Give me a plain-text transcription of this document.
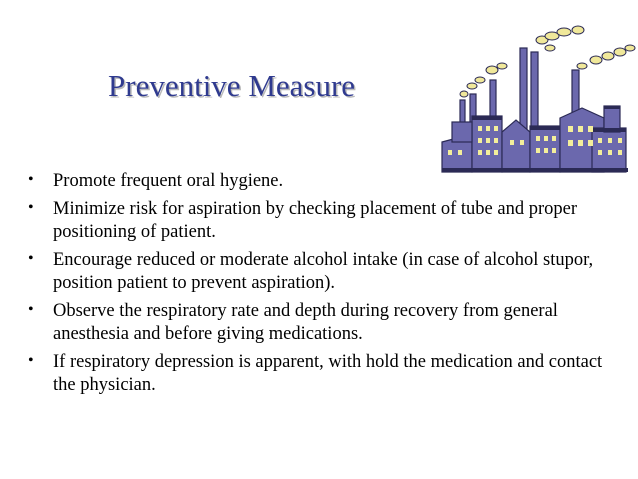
Preventive Measure
• Promote frequent oral hygiene.
• Minimize risk for aspiration by checking placement of tube and proper positioning of patient.
• Encourage reduced or moderate alcohol intake (in case of alcohol stupor, position patient to prevent aspiration).
• Observe the respiratory rate and depth during recovery from general anesthesia and before giving medications.
• If respiratory depression is apparent, with hold the medication and contact the physician.
